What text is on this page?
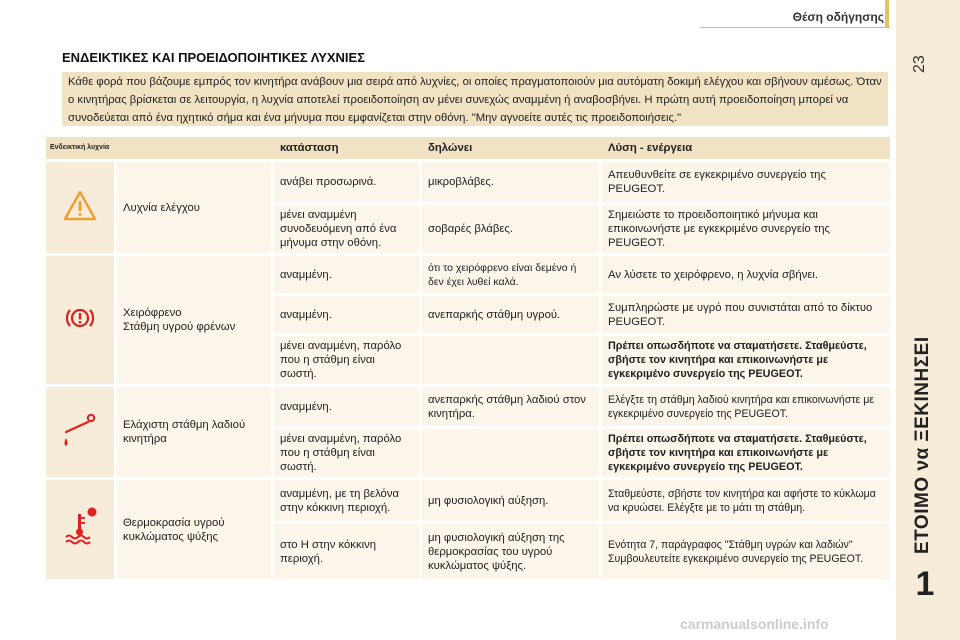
Θέση οδήγησης
23
ΕΤΟΙΜΟ να ΞΕΚΙΝΗΣΕΙ
1
carmanualsonline.info
ΕΝΔΕΙΚΤΙΚΕΣ ΚΑΙ ΠΡΟΕΙΔΟΠΟΙΗΤΙΚΕΣ ΛΥΧΝΙΕΣ
Κάθε φορά που βάζουμε εμπρός τον κινητήρα ανάβουν μια σειρά από λυχνίες, οι οποίες πραγματοποιούν μια αυτόματη δοκιμή ελέγχου και σβήνουν αμέσως. Όταν ο κινητήρας βρίσκεται σε λειτουργία, η λυχνία αποτελεί προειδοποίηση αν μένει συνεχώς αναμμένη ή αναβοσβήνει. Η πρώτη αυτή προειδοποίηση μπορεί να συνοδεύεται από ένα ηχητικό σήμα και ένα μήνυμα που εμφανίζεται στην οθόνη. "Μην αγνοείτε αυτές τις προειδοποιήσεις."
Ενδεικτική λυχνία		κατάσταση	δηλώνει	Λύση - ενέργεια
	Λυχνία ελέγχου	ανάβει προσωρινά.	μικροβλάβες.	Απευθυνθείτε σε εγκεκριμένο συνεργείο της PEUGEOT.
		μένει αναμμένη συνοδευόμενη από ένα μήνυμα στην οθόνη.	σοβαρές βλάβες.	Σημειώστε το προειδοποιητικό μήνυμα και επικοινωνήστε με εγκεκριμένο συνεργείο της PEUGEOT.
	Χειρόφρενο
Στάθμη υγρού φρένων	αναμμένη.	ότι το χειρόφρενο είναι δεμένο ή δεν έχει λυθεί καλά.	Αν λύσετε το χειρόφρενο, η λυχνία σβήνει.
		αναμμένη.	ανεπαρκής στάθμη υγρού.	Συμπληρώστε με υγρό που συνιστάται από το δίκτυο PEUGEOT.
		μένει αναμμένη, παρόλο που η στάθμη είναι σωστή.		Πρέπει οπωσδήποτε να σταματήσετε. Σταθμεύστε, σβήστε τον κινητήρα και επικοινωνήστε με εγκεκριμένο συνεργείο της PEUGEOT.
	Ελάχιστη στάθμη λαδιού κινητήρα	αναμμένη.	ανεπαρκής στάθμη λαδιού στον κινητήρα.	Ελέγξτε τη στάθμη λαδιού κινητήρα και επικοινωνήστε με εγκεκριμένο συνεργείο της PEUGEOT.
		μένει αναμμένη, παρόλο που η στάθμη είναι σωστή.		Πρέπει οπωσδήποτε να σταματήσετε. Σταθμεύστε, σβήστε τον κινητήρα και επικοινωνήστε με εγκεκριμένο συνεργείο της PEUGEOT.
	Θερμοκρασία υγρού κυκλώματος ψύξης	αναμμένη, με τη βελόνα στην κόκκινη περιοχή.	μη φυσιολογική αύξηση.	Σταθμεύστε, σβήστε τον κινητήρα και αφήστε το κύκλωμα να κρυώσει. Ελέγξτε με το μάτι τη στάθμη.
		στο Η στην κόκκινη περιοχή.	μη φυσιολογική αύξηση της θερμοκρασίας του υγρού κυκλώματος ψύξης.	Ενότητα 7, παράγραφος "Στάθμη υγρών και λαδιών" Συμβουλευτείτε εγκεκριμένο συνεργείο της PEUGEOT.
